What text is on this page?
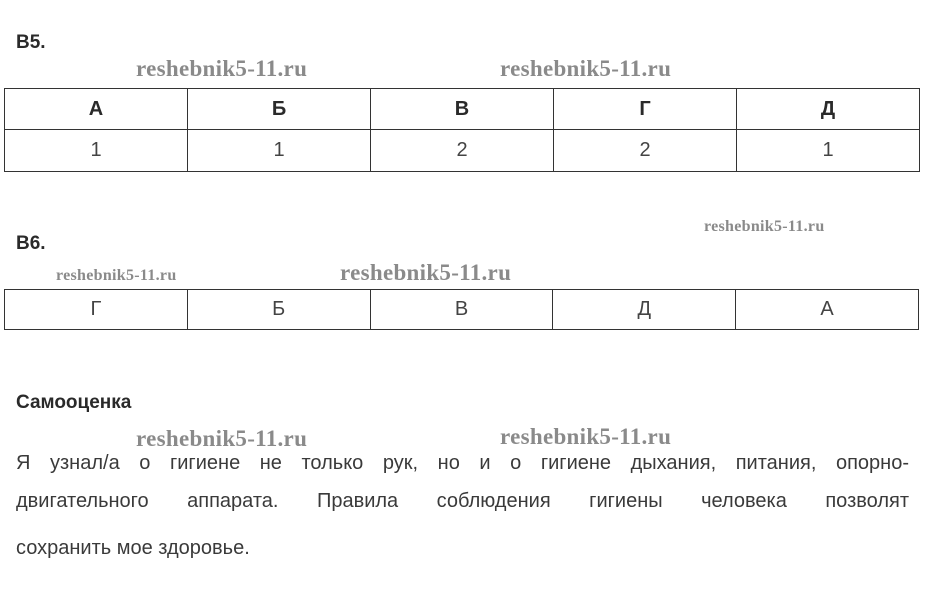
В5.
reshebnik5-11.ru	reshebnik5-11.ru
А	Б	В	Г	Д
1	1	2	2	1
В6.
reshebnik5-11.ru
reshebnik5-11.ru	reshebnik5-11.ru
Г	Б	В	Д	А
Самооценка
reshebnik5-11.ru	reshebnik5-11.ru
Я узнал/а о гигиене не только рук, но и о гигиене дыхания, питания, опорно-
двигательного аппарата. Правила соблюдения гигиены человека позволят
сохранить мое здоровье.
